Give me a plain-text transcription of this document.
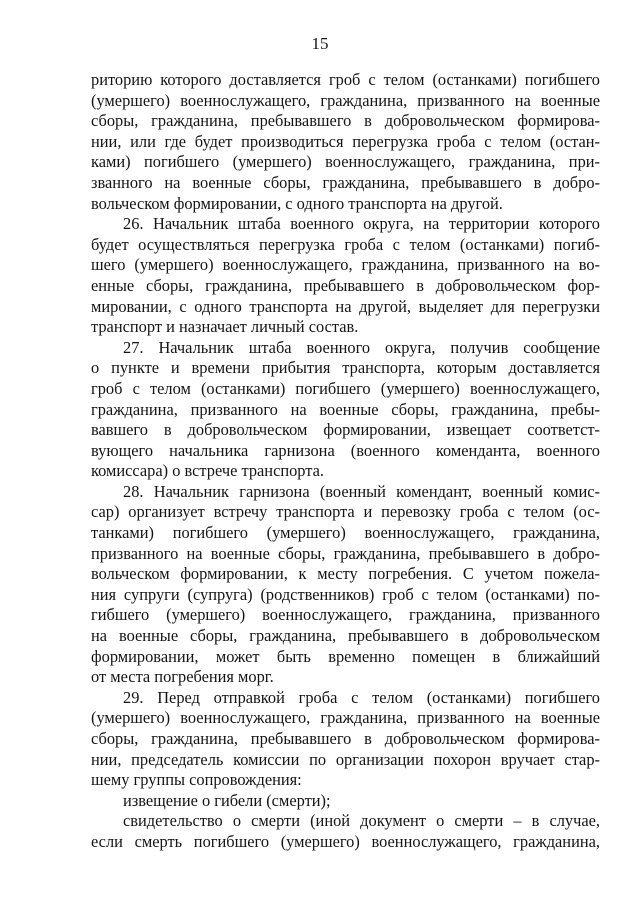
15
риторию которого доставляется гроб с телом (останками) погибшего
(умершего) военнослужащего, гражданина, призванного на военные
сборы, гражданина, пребывавшего в добровольческом формирова-
нии, или где будет производиться перегрузка гроба с телом (остан-
ками) погибшего (умершего) военнослужащего, гражданина, при-
званного на военные сборы, гражданина, пребывавшего в добро-
вольческом формировании, с одного транспорта на другой.
26. Начальник штаба военного округа, на территории которого
будет осуществляться перегрузка гроба с телом (останками) погиб-
шего (умершего) военнослужащего, гражданина, призванного на во-
енные сборы, гражданина, пребывавшего в добровольческом фор-
мировании, с одного транспорта на другой, выделяет для перегрузки
транспорт и назначает личный состав.
27. Начальник штаба военного округа, получив сообщение
о пункте и времени прибытия транспорта, которым доставляется
гроб с телом (останками) погибшего (умершего) военнослужащего,
гражданина, призванного на военные сборы, гражданина, пребы-
вавшего в добровольческом формировании, извещает соответст-
вующего начальника гарнизона (военного коменданта, военного
комиссара) о встрече транспорта.
28. Начальник гарнизона (военный комендант, военный комис-
сар) организует встречу транспорта и перевозку гроба с телом (ос-
танками) погибшего (умершего) военнослужащего, гражданина,
призванного на военные сборы, гражданина, пребывавшего в добро-
вольческом формировании, к месту погребения. С учетом пожела-
ния супруги (супруга) (родственников) гроб с телом (останками) по-
гибшего (умершего) военнослужащего, гражданина, призванного
на военные сборы, гражданина, пребывавшего в добровольческом
формировании, может быть временно помещен в ближайший
от места погребения морг.
29. Перед отправкой гроба с телом (останками) погибшего
(умершего) военнослужащего, гражданина, призванного на военные
сборы, гражданина, пребывавшего в добровольческом формирова-
нии, председатель комиссии по организации похорон вручает стар-
шему группы сопровождения:
извещение о гибели (смерти);
свидетельство о смерти (иной документ о смерти – в случае,
если смерть погибшего (умершего) военнослужащего, гражданина,
